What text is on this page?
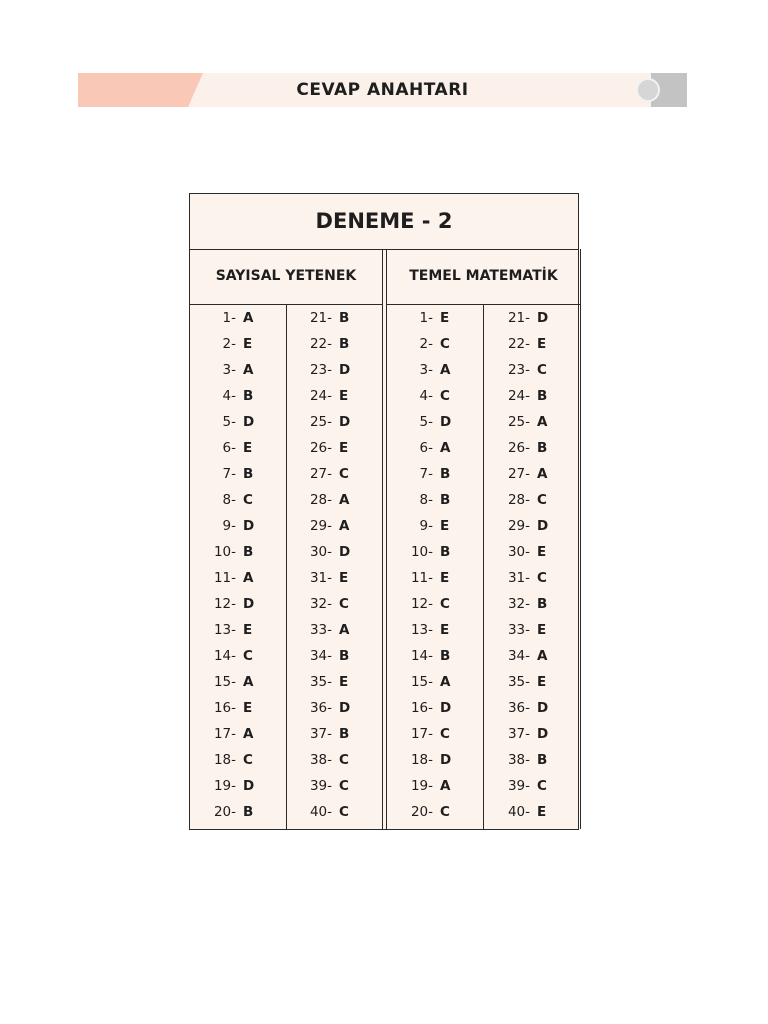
CEVAP ANAHTARI
DENEME - 2
SAYISAL YETENEK
1- A
2- E
3- A
4- B
5- D
6- E
7- B
8- C
9- D
10- B
11- A
12- D
13- E
14- C
15- A
16- E
17- A
18- C
19- D
20- B
21- B
22- B
23- D
24- E
25- D
26- E
27- C
28- A
29- A
30- D
31- E
32- C
33- A
34- B
35- E
36- D
37- B
38- C
39- C
40- C
TEMEL MATEMATİK
1- E
2- C
3- A
4- C
5- D
6- A
7- B
8- B
9- E
10- B
11- E
12- C
13- E
14- B
15- A
16- D
17- C
18- D
19- A
20- C
21- D
22- E
23- C
24- B
25- A
26- B
27- A
28- C
29- D
30- E
31- C
32- B
33- E
34- A
35- E
36- D
37- D
38- B
39- C
40- E
